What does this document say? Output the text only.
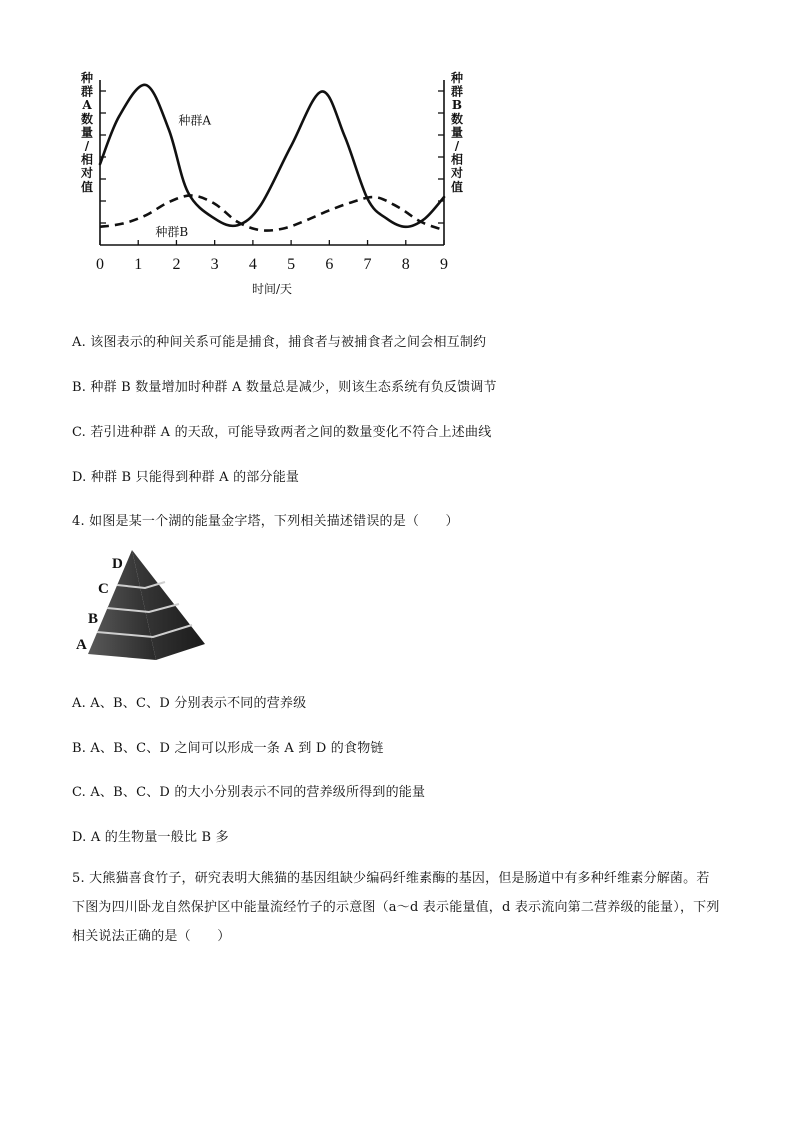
0 1 2 3 4 5 6 7 8 9
时间/天
种
群
A
数
量
/
相
对
值
种
群
B
数
量
/
相
对
值
种群A
种群B
A. 该图表示的种间关系可能是捕食，捕食者与被捕食者之间会相互制约
B. 种群 B 数量增加时种群 A 数量总是减少，则该生态系统有负反馈调节
C. 若引进种群 A 的天敌，可能导致两者之间的数量变化不符合上述曲线
D. 种群 B 只能得到种群 A 的部分能量
4. 如图是某一个湖的能量金字塔，下列相关描述错误的是（　　）
D
C
B
A
A. A、B、C、D 分别表示不同的营养级
B. A、B、C、D 之间可以形成一条 A 到 D 的食物链
C. A、B、C、D 的大小分别表示不同的营养级所得到的能量
D. A 的生物量一般比 B 多
5. 大熊猫喜食竹子，研究表明大熊猫的基因组缺少编码纤维素酶的基因，但是肠道中有多种纤维素分解菌。若下图为四川卧龙自然保护区中能量流经竹子的示意图（a～d 表示能量值，d 表示流向第二营养级的能量），下列相关说法正确的是（　　）
